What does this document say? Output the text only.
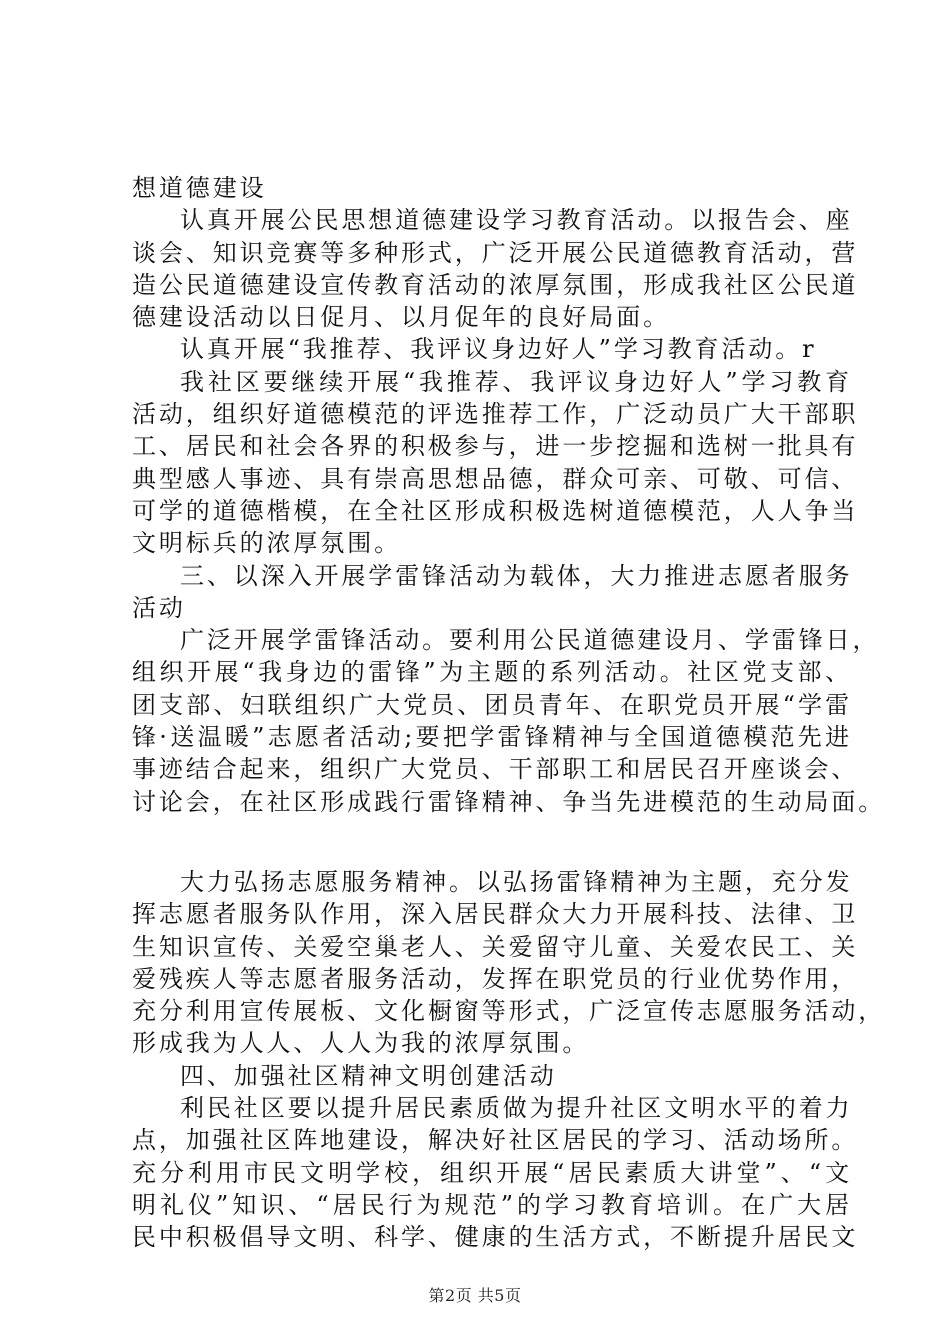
想道德建设
认真开展公民思想道德建设学习教育活动。以报告会、座
谈会、知识竞赛等多种形式，广泛开展公民道德教育活动，营
造公民道德建设宣传教育活动的浓厚氛围，形成我社区公民道
德建设活动以日促月、以月促年的良好局面。
认真开展“我推荐、我评议身边好人”学习教育活动。r
我社区要继续开展“我推荐、我评议身边好人”学习教育
活动，组织好道德模范的评选推荐工作，广泛动员广大干部职
工、居民和社会各界的积极参与，进一步挖掘和选树一批具有
典型感人事迹、具有崇高思想品德，群众可亲、可敬、可信、
可学的道德楷模，在全社区形成积极选树道德模范，人人争当
文明标兵的浓厚氛围。
三、以深入开展学雷锋活动为载体，大力推进志愿者服务
活动
广泛开展学雷锋活动。要利用公民道德建设月、学雷锋日，
组织开展“我身边的雷锋”为主题的系列活动。社区党支部、
团支部、妇联组织广大党员、团员青年、在职党员开展“学雷
锋·送温暖”志愿者活动;要把学雷锋精神与全国道德模范先进
事迹结合起来，组织广大党员、干部职工和居民召开座谈会、
讨论会，在社区形成践行雷锋精神、争当先进模范的生动局面。
大力弘扬志愿服务精神。以弘扬雷锋精神为主题，充分发
挥志愿者服务队作用，深入居民群众大力开展科技、法律、卫
生知识宣传、关爱空巢老人、关爱留守儿童、关爱农民工、关
爱残疾人等志愿者服务活动，发挥在职党员的行业优势作用，
充分利用宣传展板、文化橱窗等形式，广泛宣传志愿服务活动，
形成我为人人、人人为我的浓厚氛围。
四、加强社区精神文明创建活动
利民社区要以提升居民素质做为提升社区文明水平的着力
点，加强社区阵地建设，解决好社区居民的学习、活动场所。
充分利用市民文明学校，组织开展“居民素质大讲堂”、“文
明礼仪”知识、“居民行为规范”的学习教育培训。在广大居
民中积极倡导文明、科学、健康的生活方式，不断提升居民文
第2页 共5页
